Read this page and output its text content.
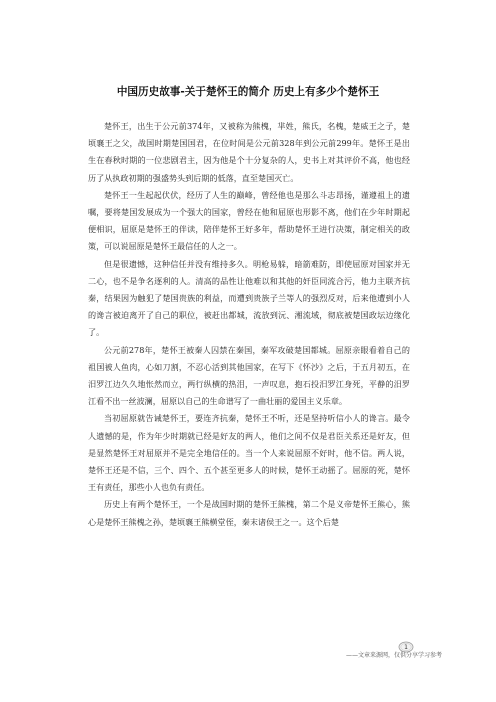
中国历史故事-关于楚怀王的简介 历史上有多少个楚怀王

楚怀王，出生于公元前374年，又被称为熊槐，芈姓，熊氏，名槐，楚威王之子，楚顷襄王之父，战国时期楚国国君，在位时间是公元前328年到公元前299年。楚怀王是出生在春秋时期的一位悲剧君主，因为他是个十分复杂的人，史书上对其评价不高，他也经历了从执政初期的强盛势头到后期的低落，直至楚国灭亡。

楚怀王一生起起伏伏，经历了人生的巅峰，曾经他也是那么斗志昂扬，谨遵祖上的遗嘱，要将楚国发展成为一个强大的国家，曾经在他和屈原也形影不离，他们在少年时期起便相识，屈原是楚怀王的伴读，陪伴楚怀王好多年，帮助楚怀王进行决策，制定相关的政策，可以说屈原是楚怀王最信任的人之一。

但是很遗憾，这种信任并没有维持多久。明枪易躲，暗箭难防，即使屈原对国家并无二心，也不是争名逐利的人。清高的品性让他难以和其他的奸臣同流合污，他力主联齐抗秦，结果因为触犯了楚国贵族的利益，而遭到贵族子兰等人的强烈反对，后来他遭到小人的谗言被迫离开了自己的职位，被赶出都城，流放到沅、湘流域，彻底被楚国政坛边缘化了。

公元前278年，楚怀王被秦人囚禁在秦国，秦军攻破楚国都城。屈原亲眼看着自己的祖国被人鱼肉，心如刀割，不忍心活到其他国家，在写下《怀沙》之后，于五月初五，在汨罗江边久久地怅然而立，两行纵横的热泪，一声叹息，抱石投汨罗江身死，平静的汨罗江看不出一丝波澜，屈原以自己的生命谱写了一曲壮丽的爱国主义乐章。

当初屈原就告诫楚怀王，要连齐抗秦，楚怀王不听，还是坚持听信小人的谗言。最令人遗憾的是，作为年少时期就已经是好友的两人，他们之间不仅是君臣关系还是好友，但是显然楚怀王对屈原并不是完全地信任的。当一个人来说屈原不好时，他不信。两人说，楚怀王还是不信，三个、四个、五个甚至更多人的时候，楚怀王动摇了。屈原的死，楚怀王有责任，那些小人也负有责任。

历史上有两个楚怀王，一个是战国时期的楚怀王熊槐，第二个是义帝楚怀王熊心，熊心是楚怀王熊槐之孙，楚顷襄王熊横堂侄，秦末诸侯王之一。这个后楚

1
——文章来源网，仅供分享学习参考
